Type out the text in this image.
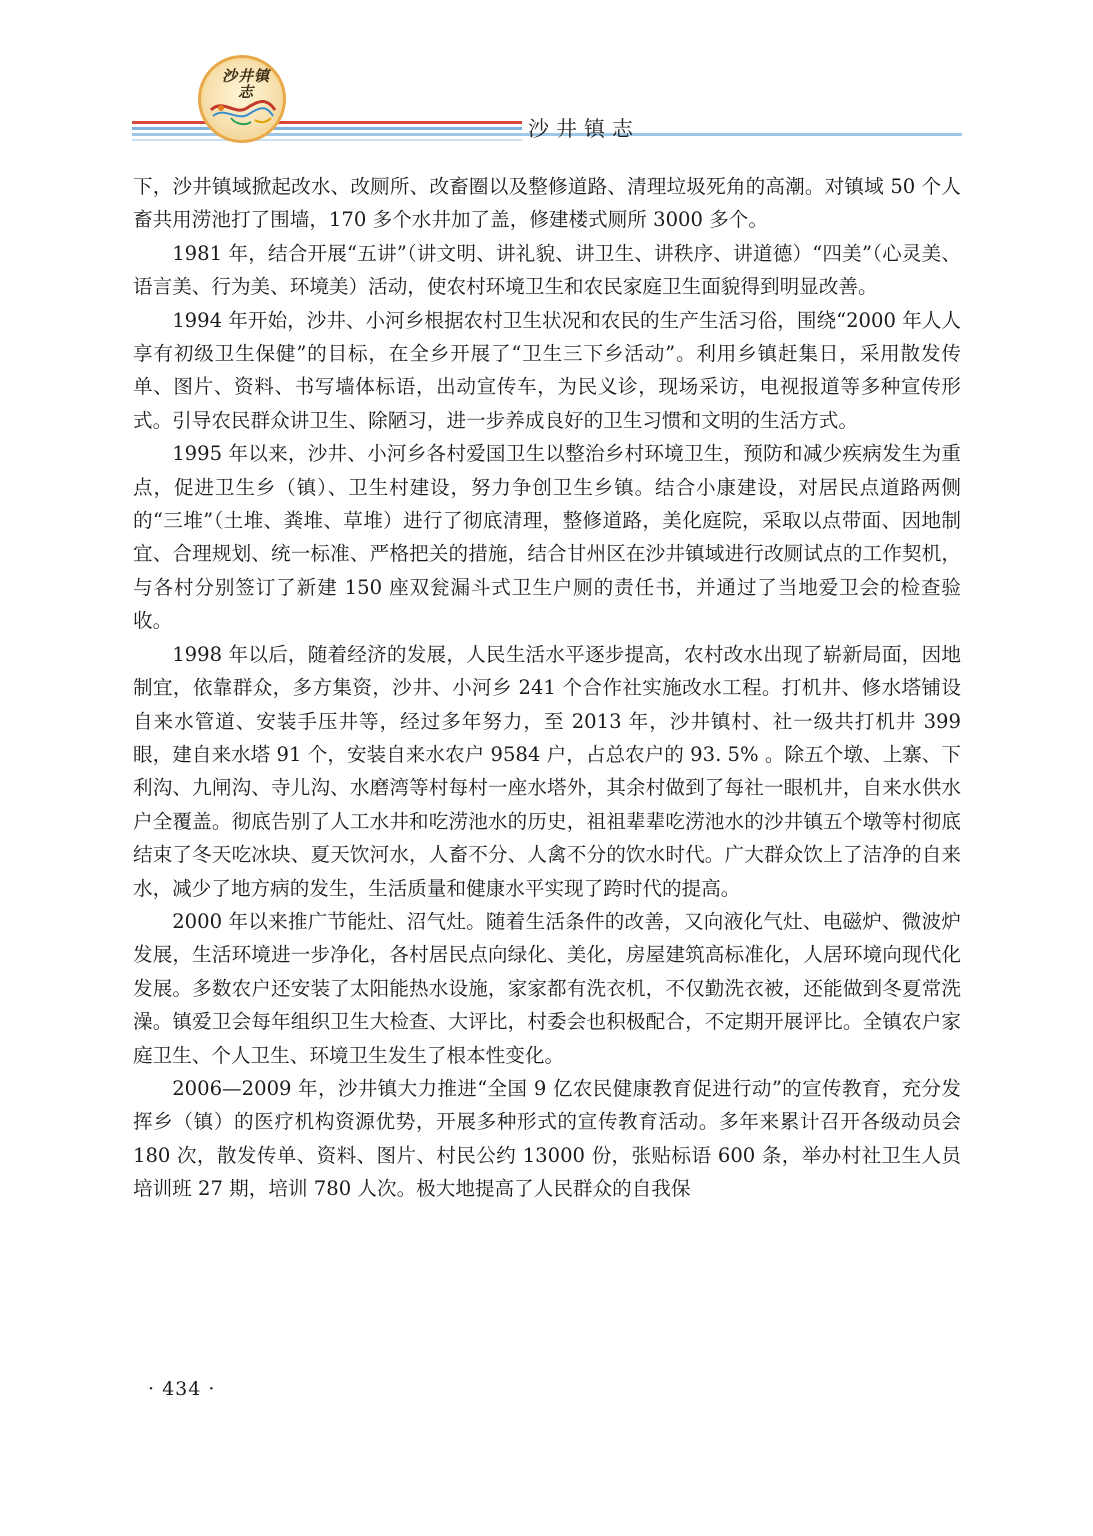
沙井镇志
沙井镇志

下，沙井镇域掀起改水、改厕所、改畜圈以及整修道路、清理垃圾死角的高潮。对镇域 50 个人畜共用涝池打了围墙，170 多个水井加了盖，修建楼式厕所 3000 多个。

1981 年，结合开展“五讲”（讲文明、讲礼貌、讲卫生、讲秩序、讲道德）“四美”（心灵美、语言美、行为美、环境美）活动，使农村环境卫生和农民家庭卫生面貌得到明显改善。

1994 年开始，沙井、小河乡根据农村卫生状况和农民的生产生活习俗，围绕“2000 年人人享有初级卫生保健”的目标，在全乡开展了“卫生三下乡活动”。利用乡镇赶集日，采用散发传单、图片、资料、书写墙体标语，出动宣传车，为民义诊，现场采访，电视报道等多种宣传形式。引导农民群众讲卫生、除陋习，进一步养成良好的卫生习惯和文明的生活方式。

1995 年以来，沙井、小河乡各村爱国卫生以整治乡村环境卫生，预防和减少疾病发生为重点，促进卫生乡（镇）、卫生村建设，努力争创卫生乡镇。结合小康建设，对居民点道路两侧的“三堆”（土堆、粪堆、草堆）进行了彻底清理，整修道路，美化庭院，采取以点带面、因地制宜、合理规划、统一标准、严格把关的措施，结合甘州区在沙井镇域进行改厕试点的工作契机，与各村分别签订了新建 150 座双瓮漏斗式卫生户厕的责任书，并通过了当地爱卫会的检查验收。

1998 年以后，随着经济的发展，人民生活水平逐步提高，农村改水出现了崭新局面，因地制宜，依靠群众，多方集资，沙井、小河乡 241 个合作社实施改水工程。打机井、修水塔铺设自来水管道、安装手压井等，经过多年努力，至 2013 年，沙井镇村、社一级共打机井 399 眼，建自来水塔 91 个，安装自来水农户 9584 户，占总农户的 93. 5% 。除五个墩、上寨、下利沟、九闸沟、寺儿沟、水磨湾等村每村一座水塔外，其余村做到了每社一眼机井，自来水供水户全覆盖。彻底告别了人工水井和吃涝池水的历史，祖祖辈辈吃涝池水的沙井镇五个墩等村彻底结束了冬天吃冰块、夏天饮河水，人畜不分、人禽不分的饮水时代。广大群众饮上了洁净的自来水，减少了地方病的发生，生活质量和健康水平实现了跨时代的提高。

2000 年以来推广节能灶、沼气灶。随着生活条件的改善，又向液化气灶、电磁炉、微波炉发展，生活环境进一步净化，各村居民点向绿化、美化，房屋建筑高标准化，人居环境向现代化发展。多数农户还安装了太阳能热水设施，家家都有洗衣机，不仅勤洗衣被，还能做到冬夏常洗澡。镇爱卫会每年组织卫生大检查、大评比，村委会也积极配合，不定期开展评比。全镇农户家庭卫生、个人卫生、环境卫生发生了根本性变化。

2006—2009 年，沙井镇大力推进“全国 9 亿农民健康教育促进行动”的宣传教育，充分发挥乡（镇）的医疗机构资源优势，开展多种形式的宣传教育活动。多年来累计召开各级动员会 180 次，散发传单、资料、图片、村民公约 13000 份，张贴标语 600 条，举办村社卫生人员培训班 27 期，培训 780 人次。极大地提高了人民群众的自我保

· 434 ·
